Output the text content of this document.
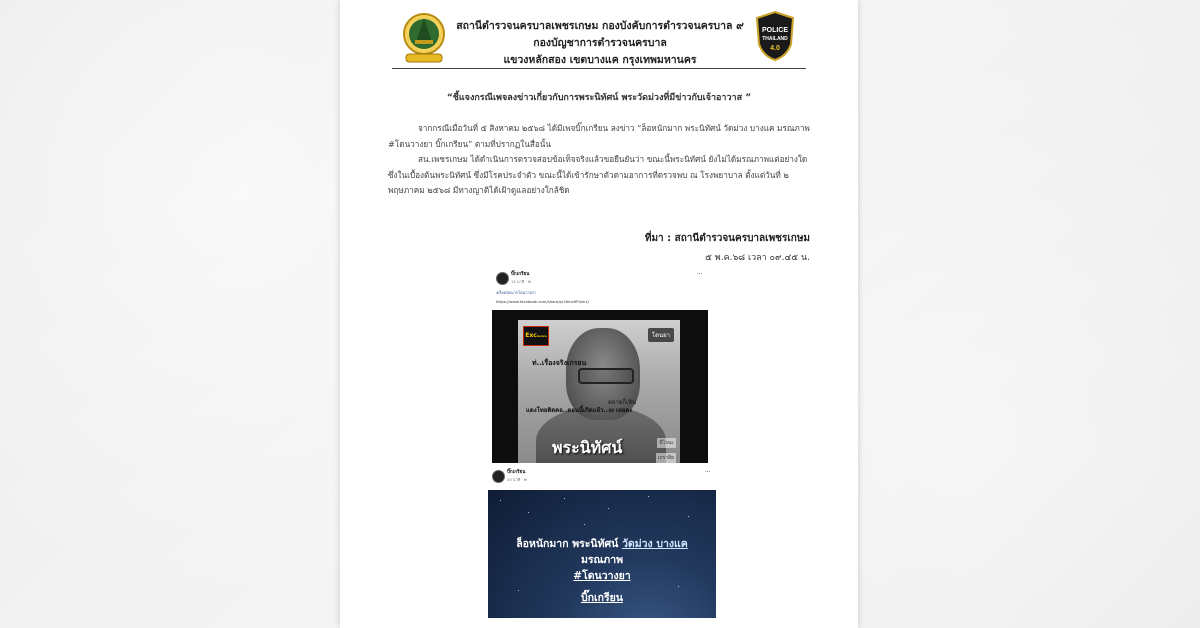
สถานีตำรวจนครบาลเพชรเกษม กองบังคับการตำรวจนครบาล ๙
กองบัญชาการตำรวจนครบาล
แขวงหลักสอง เขตบางแค กรุงเทพมหานคร
POLICE
THAILAND
4.0
“ชี้แจงกรณีเพจลงข่าวเกี่ยวกับการพระนิทัศน์ พระวัดม่วงที่มีข่าวกับเจ้าอาวาส ”
จากกรณีเมื่อวันที่ ๕ สิงหาคม ๒๕๖๘ ได้มีเพจบิ๊กเกรียน ลงข่าว “ล็อหนักมาก พระนิทัศน์ วัดม่วง บางแค มรณภาพ #โดนวางยา บิ๊กเกรียน” ตามที่ปรากฏในสื่อนั้น
สน.เพชรเกษม ได้ดำเนินการตรวจสอบข้อเท็จจริงแล้วขอยืนยันว่า ขณะนี้พระนิทัศน์ ยังไม่ได้มรณภาพแต่อย่างใด ซึ่งในเบื้องต้นพระนิทัศน์ ซึ่งมีโรคประจำตัว ขณะนี้ได้เข้ารักษาตัวตามอาการที่ตรวจพบ ณ โรงพยาบาล ตั้งแต่วันที่ ๒ พฤษภาคม ๒๕๖๘ มีทางญาติได้เฝ้าดูแลอย่างใกล้ชิด
ที่มา : สถานีตำรวจนครบาลเพชรเกษม
๕ พ.ค.๖๘ เวลา ๐๙.๔๕ น.
บิ๊กเกรียน
15 นาที · ⊕
···
#ล็อหนักมากโดนวางยา
https://www.facebook.com/share/p/16mz9P4sh1/
Exclusive	โดนยา
ท่..เรื่องจริงเกรยน
ตถายก็เทิน
แดงโทยติดคอ..ตอนนี้เกิดแล้ว..งง เลยคะ
พระนิทัศน์	นี่ไรนะ
เกราสิย
บิ๊กเกรียน
20 นาที · ⊕
···
ล็อหนักมาก พระนิทัศน์ วัดม่วง บางแค
มรณภาพ
#โดนวางยา
บิ๊กเกรียน
